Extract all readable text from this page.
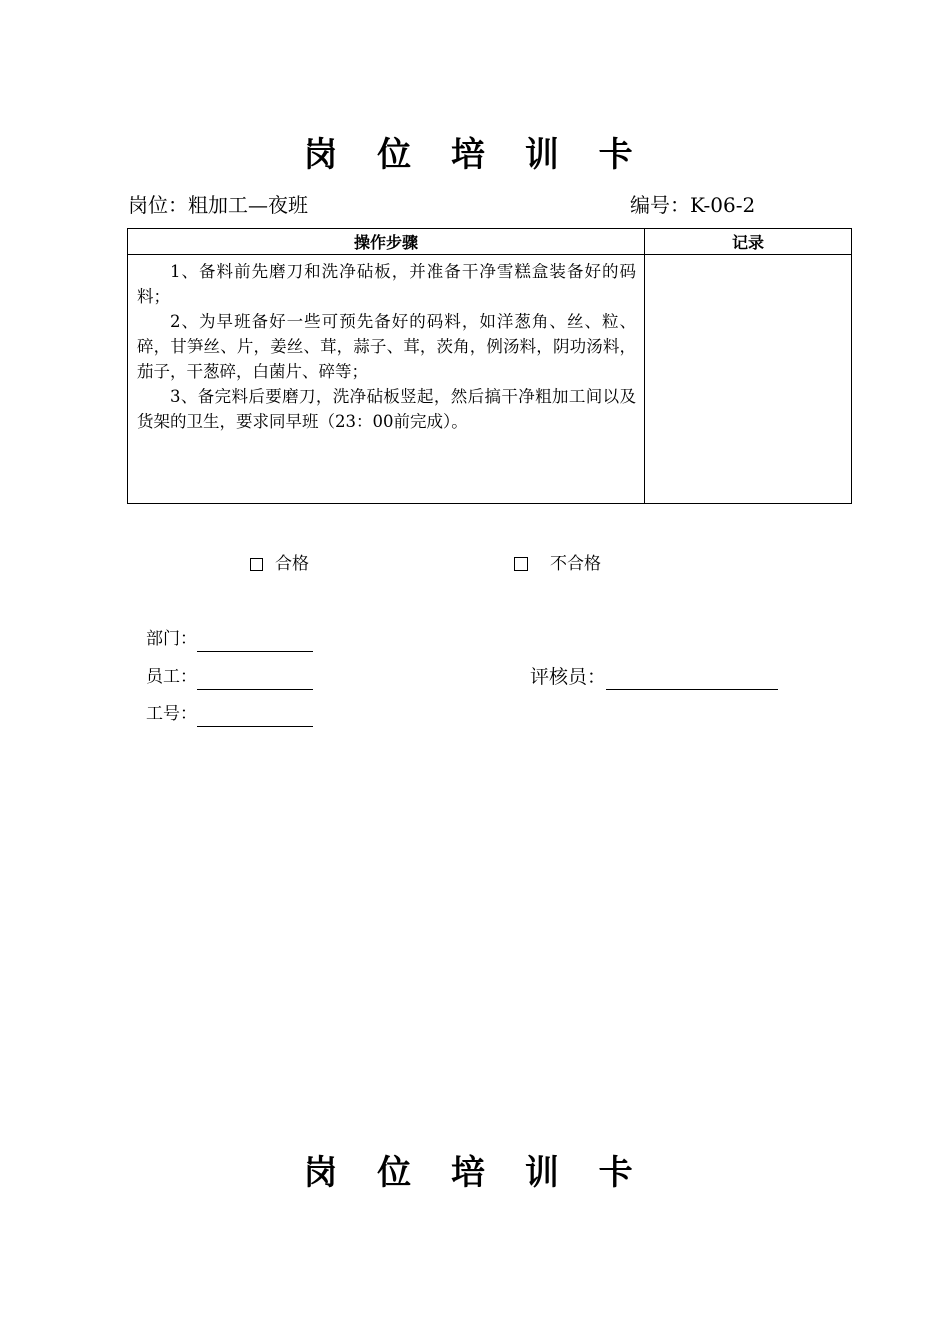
岗 位 培 训 卡
岗位：粗加工—夜班	编号：K-06-2
操作步骤	记录

1、备料前先磨刀和洗净砧板，并准备干净雪糕盒装备好的码料；

2、为早班备好一些可预先备好的码料，如洋葱角、丝、粒、碎，甘笋丝、片，姜丝、茸，蒜子、茸，茨角，例汤料，阴功汤料，茄子，干葱碎，白菌片、碎等；

3、备完料后要磨刀，洗净砧板竖起，然后搞干净粗加工间以及货架的卫生，要求同早班（23：00前完成）。	

合格	不合格
部门：
员工：	评核员：
工号：
岗 位 培 训 卡
